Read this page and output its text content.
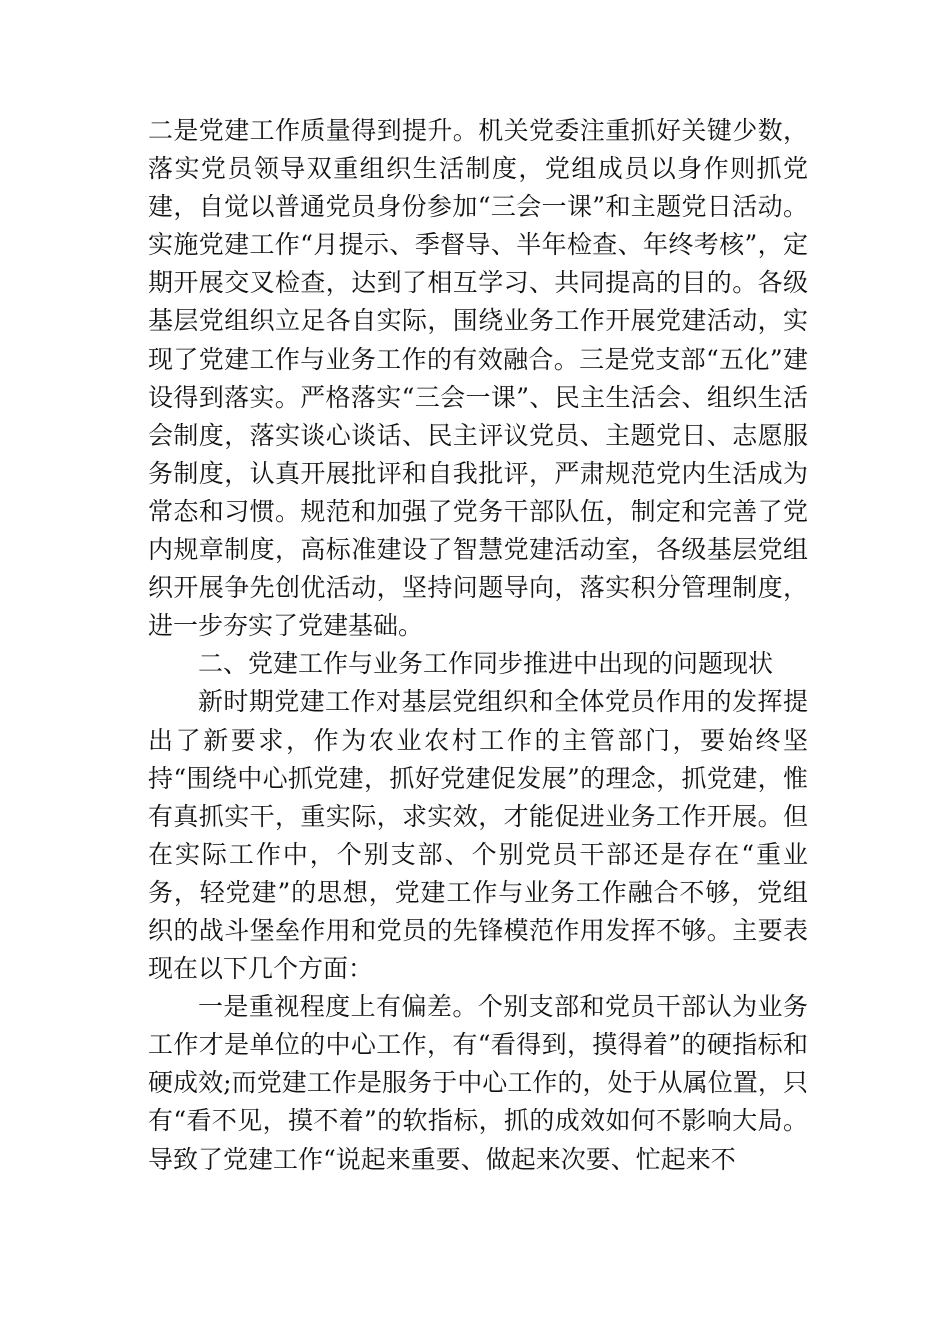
二是党建工作质量得到提升。机关党委注重抓好关键少数，落实党员领导双重组织生活制度，党组成员以身作则抓党建，自觉以普通党员身份参加“三会一课”和主题党日活动。实施党建工作“月提示、季督导、半年检查、年终考核”，定期开展交叉检查，达到了相互学习、共同提高的目的。各级基层党组织立足各自实际，围绕业务工作开展党建活动，实现了党建工作与业务工作的有效融合。三是党支部“五化”建设得到落实。严格落实“三会一课”、民主生活会、组织生活会制度，落实谈心谈话、民主评议党员、主题党日、志愿服务制度，认真开展批评和自我批评，严肃规范党内生活成为常态和习惯。规范和加强了党务干部队伍，制定和完善了党内规章制度，高标准建设了智慧党建活动室，各级基层党组织开展争先创优活动，坚持问题导向，落实积分管理制度，进一步夯实了党建基础。

二、党建工作与业务工作同步推进中出现的问题现状

新时期党建工作对基层党组织和全体党员作用的发挥提出了新要求，作为农业农村工作的主管部门，要始终坚持“围绕中心抓党建，抓好党建促发展”的理念，抓党建，惟有真抓实干，重实际，求实效，才能促进业务工作开展。但在实际工作中，个别支部、个别党员干部还是存在“重业务，轻党建”的思想，党建工作与业务工作融合不够，党组织的战斗堡垒作用和党员的先锋模范作用发挥不够。主要表现在以下几个方面：

一是重视程度上有偏差。个别支部和党员干部认为业务工作才是单位的中心工作，有“看得到，摸得着”的硬指标和硬成效;而党建工作是服务于中心工作的，处于从属位置，只有“看不见，摸不着”的软指标，抓的成效如何不影响大局。导致了党建工作“说起来重要、做起来次要、忙起来不
